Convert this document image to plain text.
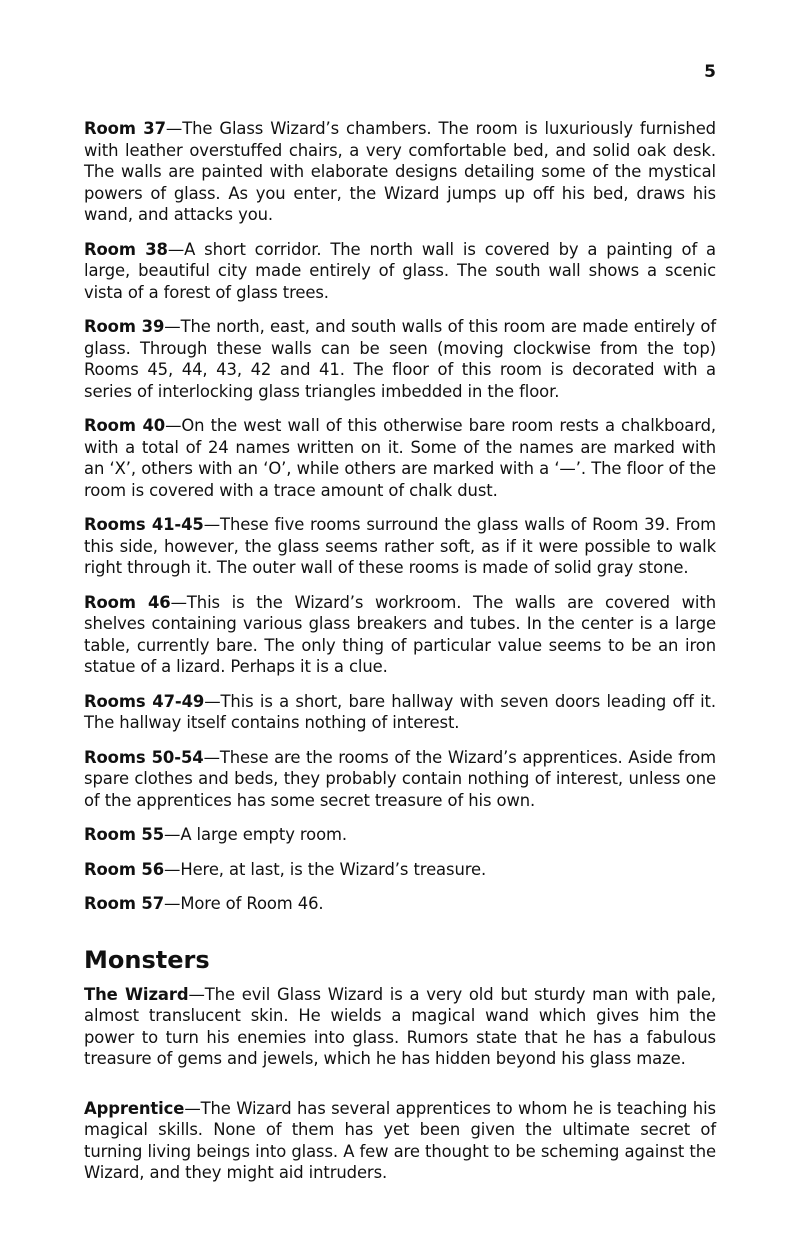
5

Room 37—The Glass Wizard’s chambers. The room is luxuriously furnished with leather overstuffed chairs, a very comfortable bed, and solid oak desk. The walls are painted with elaborate designs detailing some of the mystical powers of glass. As you enter, the Wizard jumps up off his bed, draws his wand, and attacks you.

Room 38—A short corridor. The north wall is covered by a painting of a large, beautiful city made entirely of glass. The south wall shows a scenic vista of a forest of glass trees.

Room 39—The north, east, and south walls of this room are made entirely of glass. Through these walls can be seen (moving clockwise from the top) Rooms 45, 44, 43, 42 and 41. The floor of this room is decorated with a series of interlocking glass triangles imbedded in the floor.

Room 40—On the west wall of this otherwise bare room rests a chalkboard, with a total of 24 names written on it. Some of the names are marked with an ‘X’, others with an ‘O’, while others are marked with a ‘—’. The floor of the room is covered with a trace amount of chalk dust.

Rooms 41-45—These five rooms surround the glass walls of Room 39. From this side, however, the glass seems rather soft, as if it were possible to walk right through it. The outer wall of these rooms is made of solid gray stone.

Room 46—This is the Wizard’s workroom. The walls are covered with shelves containing various glass breakers and tubes. In the center is a large table, currently bare. The only thing of particular value seems to be an iron statue of a lizard. Perhaps it is a clue.

Rooms 47-49—This is a short, bare hallway with seven doors leading off it. The hallway itself contains nothing of interest.

Rooms 50-54—These are the rooms of the Wizard’s apprentices. Aside from spare clothes and beds, they probably contain nothing of interest, unless one of the apprentices has some secret treasure of his own.

Room 55—A large empty room.

Room 56—Here, at last, is the Wizard’s treasure.

Room 57—More of Room 46.

Monsters

The Wizard—The evil Glass Wizard is a very old but sturdy man with pale, almost translucent skin. He wields a magical wand which gives him the power to turn his enemies into glass. Rumors state that he has a fabulous treasure of gems and jewels, which he has hidden beyond his glass maze.

Apprentice—The Wizard has several apprentices to whom he is teaching his magical skills. None of them has yet been given the ultimate secret of turning living beings into glass. A few are thought to be scheming against the Wizard, and they might aid intruders.
